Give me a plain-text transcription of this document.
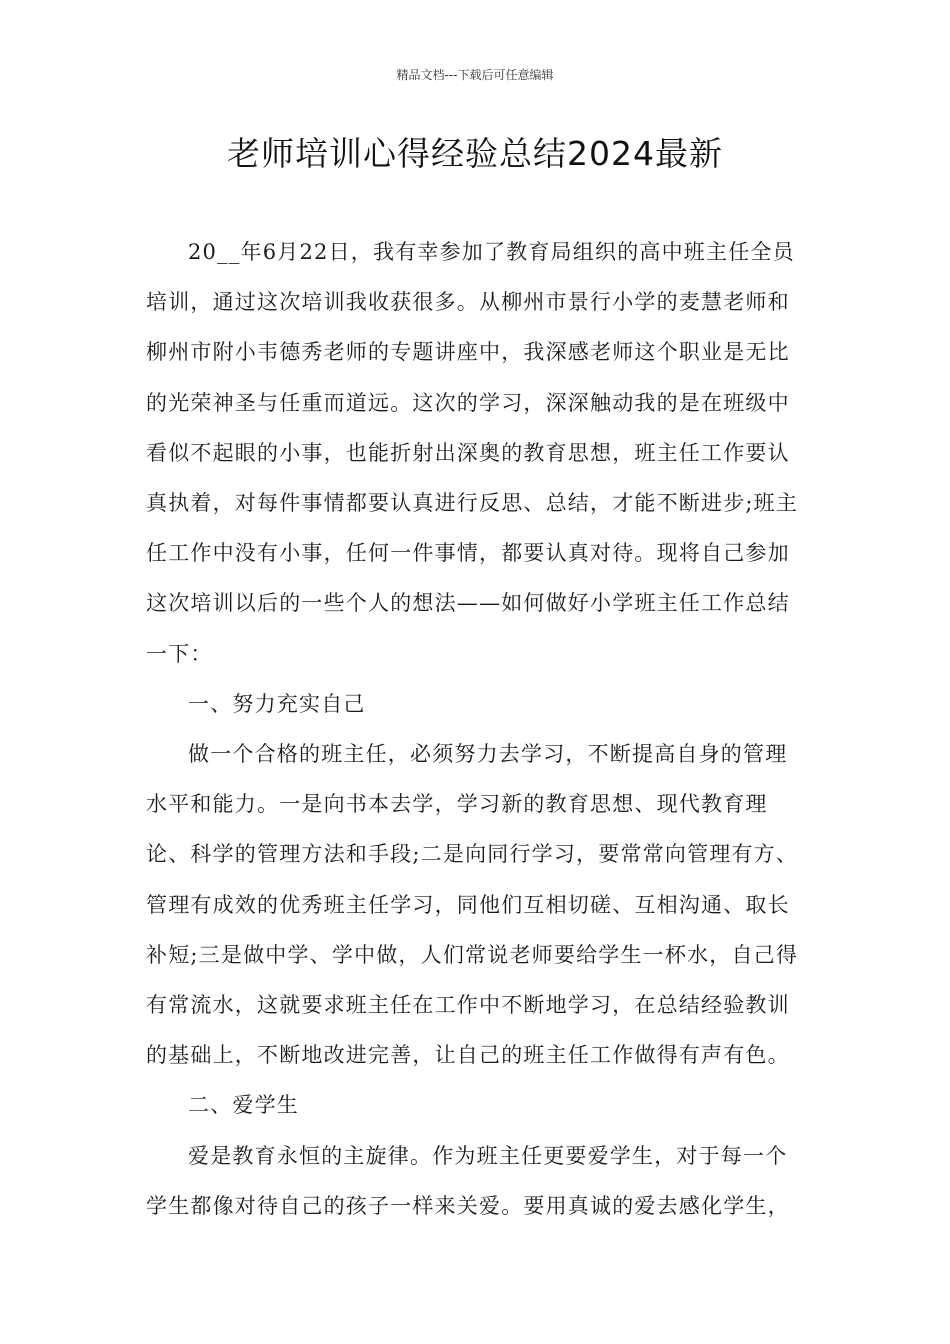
精品文档---下载后可任意编辑
老师培训心得经验总结2024最新

20__年6月22日，我有幸参加了教育局组织的高中班主任全员培训，通过这次培训我收获很多。从柳州市景行小学的麦慧老师和柳州市附小韦德秀老师的专题讲座中，我深感老师这个职业是无比的光荣神圣与任重而道远。这次的学习，深深触动我的是在班级中看似不起眼的小事，也能折射出深奥的教育思想，班主任工作要认真执着，对每件事情都要认真进行反思、总结，才能不断进步;班主任工作中没有小事，任何一件事情，都要认真对待。现将自己参加这次培训以后的一些个人的想法——如何做好小学班主任工作总结一下：

一、努力充实自己

做一个合格的班主任，必须努力去学习，不断提高自身的管理水平和能力。一是向书本去学，学习新的教育思想、现代教育理论、科学的管理方法和手段;二是向同行学习，要常常向管理有方、管理有成效的优秀班主任学习，同他们互相切磋、互相沟通、取长补短;三是做中学、学中做，人们常说老师要给学生一杯水，自己得有常流水，这就要求班主任在工作中不断地学习，在总结经验教训的基础上，不断地改进完善，让自己的班主任工作做得有声有色。

二、爱学生

爱是教育永恒的主旋律。作为班主任更要爱学生，对于每一个学生都像对待自己的孩子一样来关爱。要用真诚的爱去感化学生，
